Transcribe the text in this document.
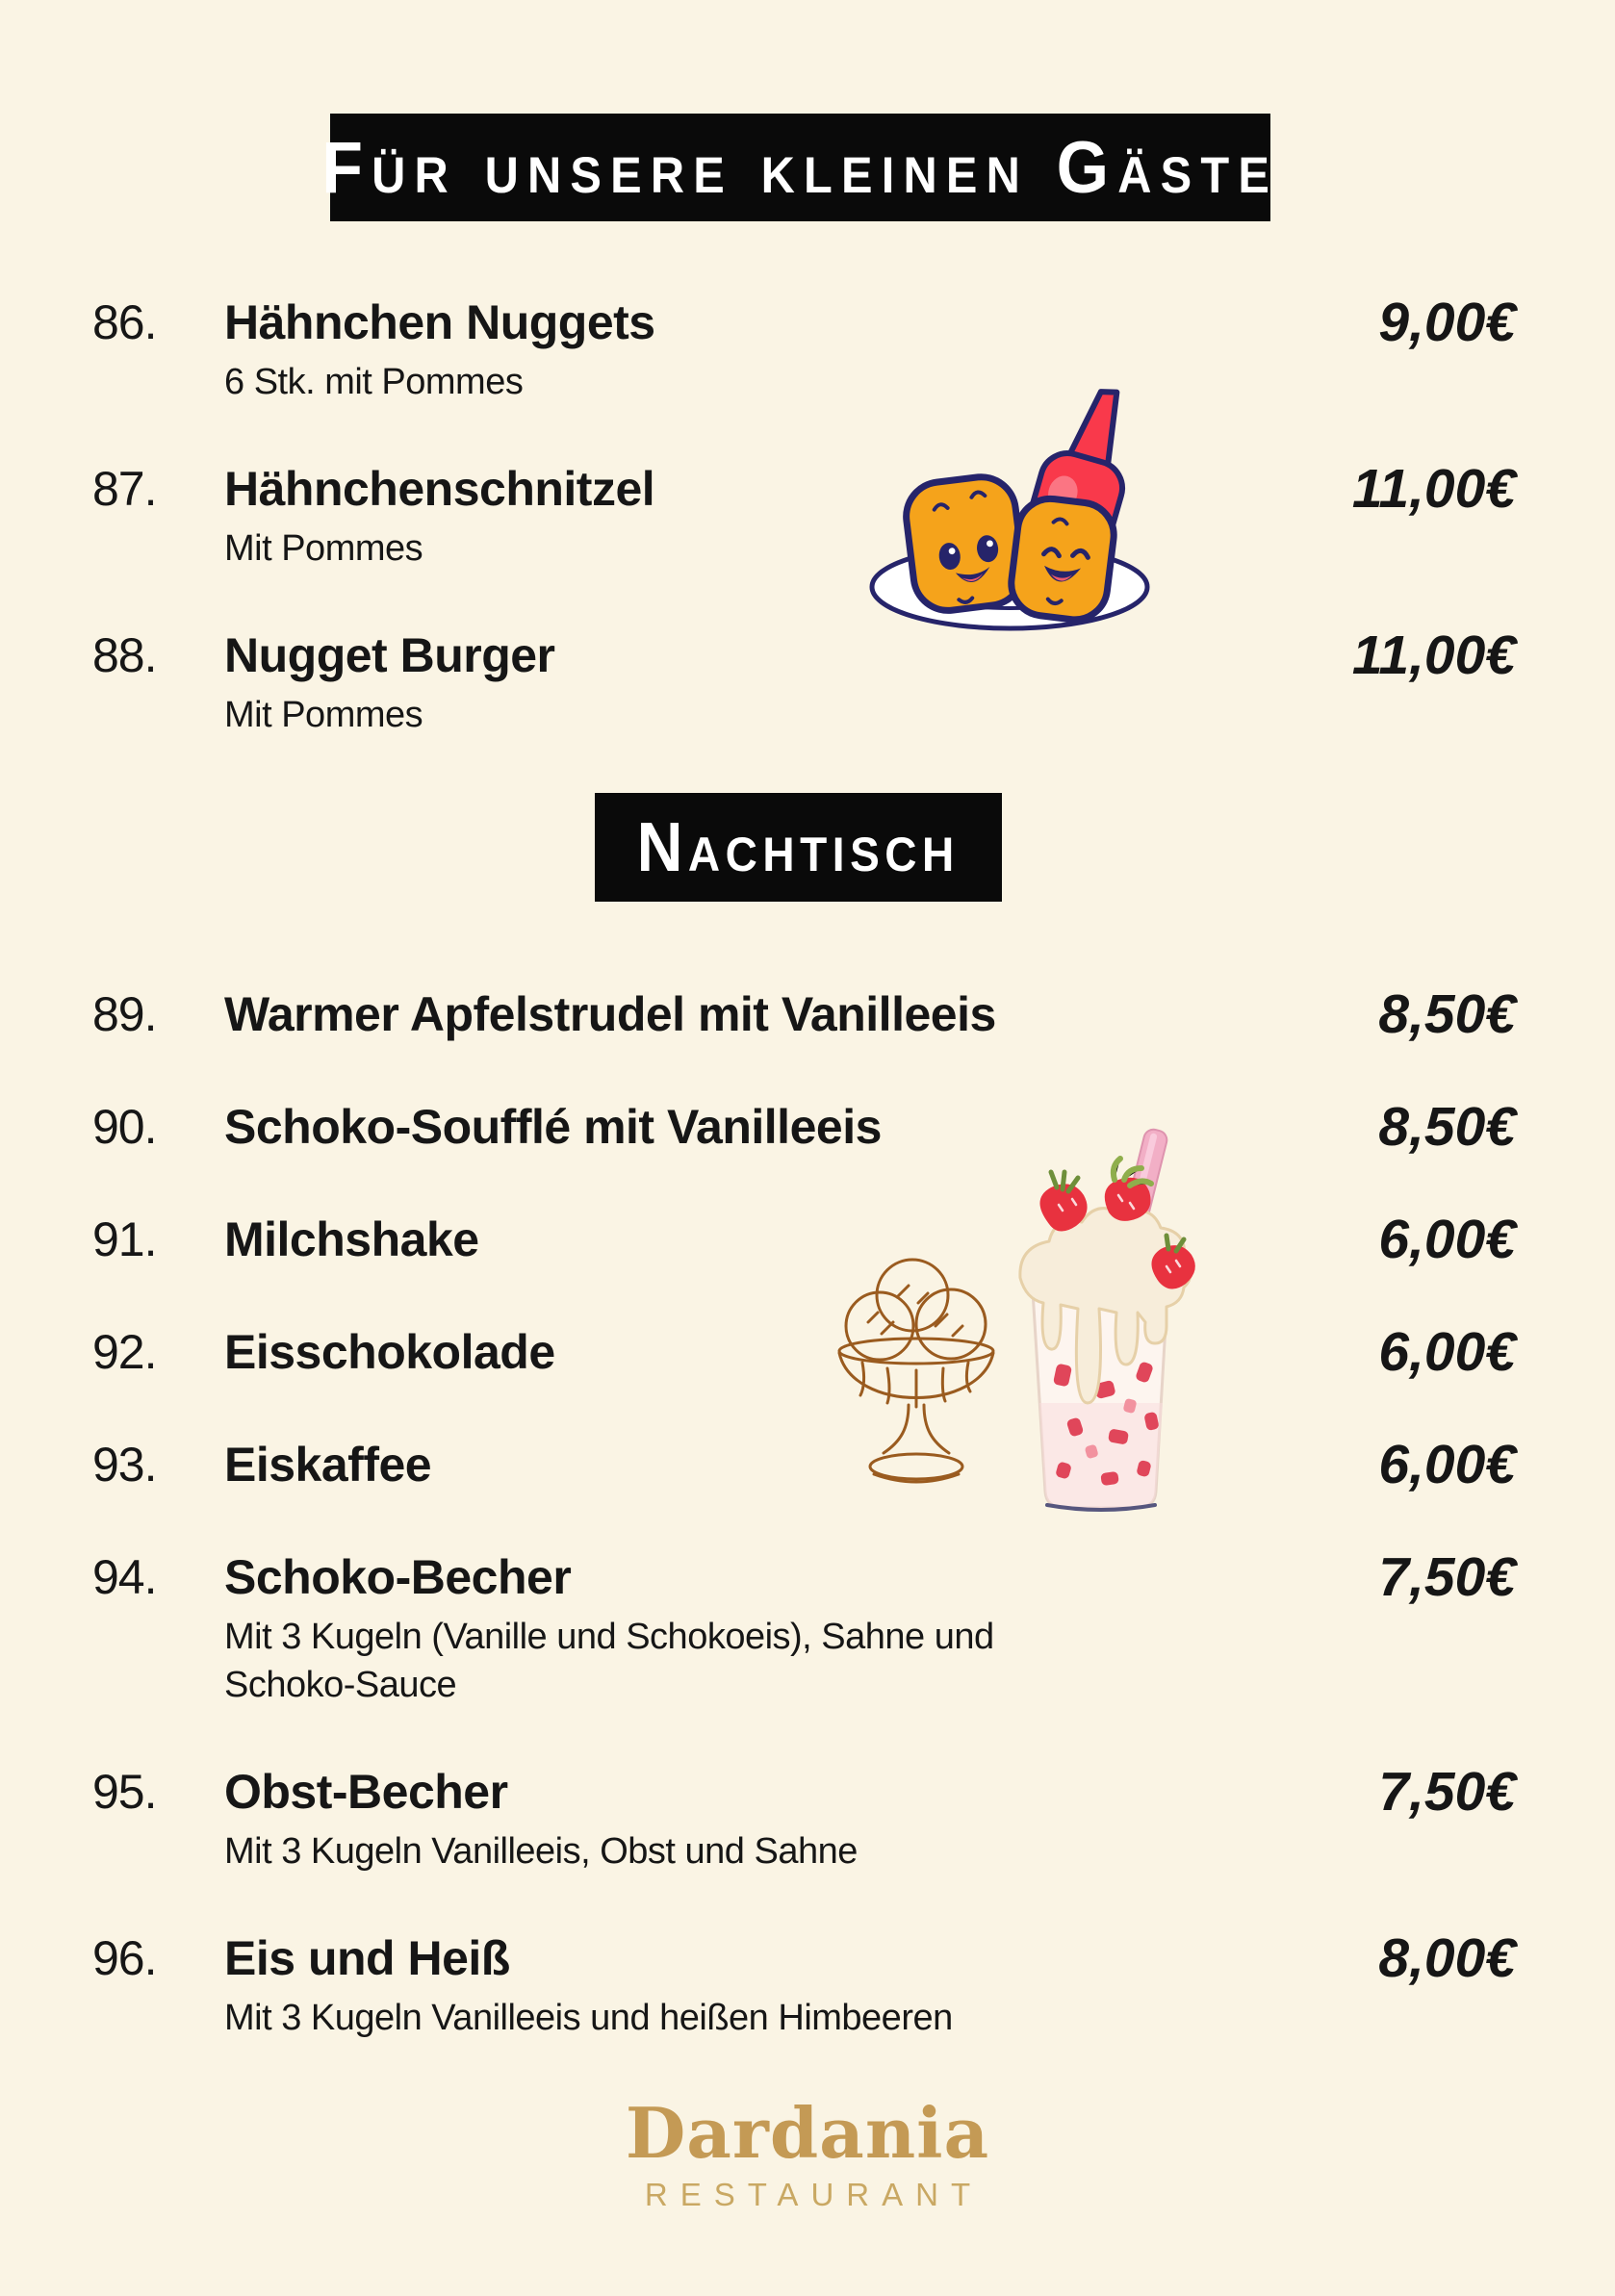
Für unsere kleinen Gäste
86.	Hähnchen Nuggets	9,00€
6 Stk. mit Pommes
87.	Hähnchenschnitzel	11,00€
Mit Pommes
88.	Nugget Burger	11,00€
Mit Pommes
Nachtisch
89.	Warmer Apfelstrudel mit Vanilleeis	8,50€
90.	Schoko-Soufflé mit Vanilleeis	8,50€
91.	Milchshake	6,00€
92.	Eisschokolade	6,00€
93.	Eiskaffee	6,00€
94.	Schoko-Becher	7,50€
Mit 3 Kugeln (Vanille und Schokoeis), Sahne und Schoko-Sauce
95.	Obst-Becher	7,50€
Mit 3 Kugeln Vanilleeis, Obst und Sahne
96.	Eis und Heiß	8,00€
Mit 3 Kugeln Vanilleeis und heißen Himbeeren
Dardania
RESTAURANT
